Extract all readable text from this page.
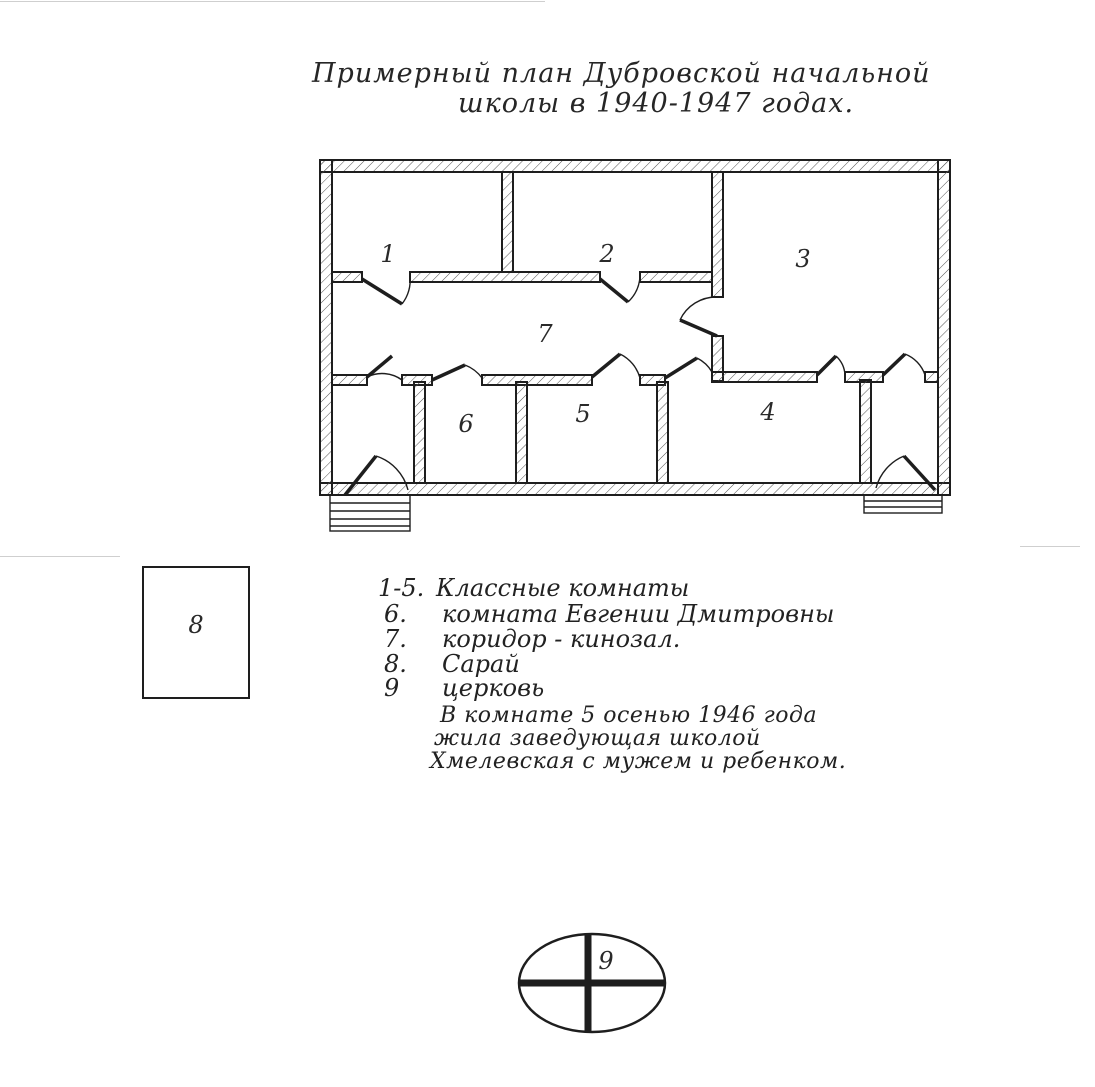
Примерный план Дубровской начальной
школы в 1940-1947 годах.
1	2	3
4
5
6
7
8
9
1-5. Классные комнаты
6. комната Евгении Дмитровны
7. коридор - кинозал.
8. Сарай
9 церковь
В комнате 5 осенью 1946 года
жила заведующая школой
Хмелевская с мужем и ребенком.
